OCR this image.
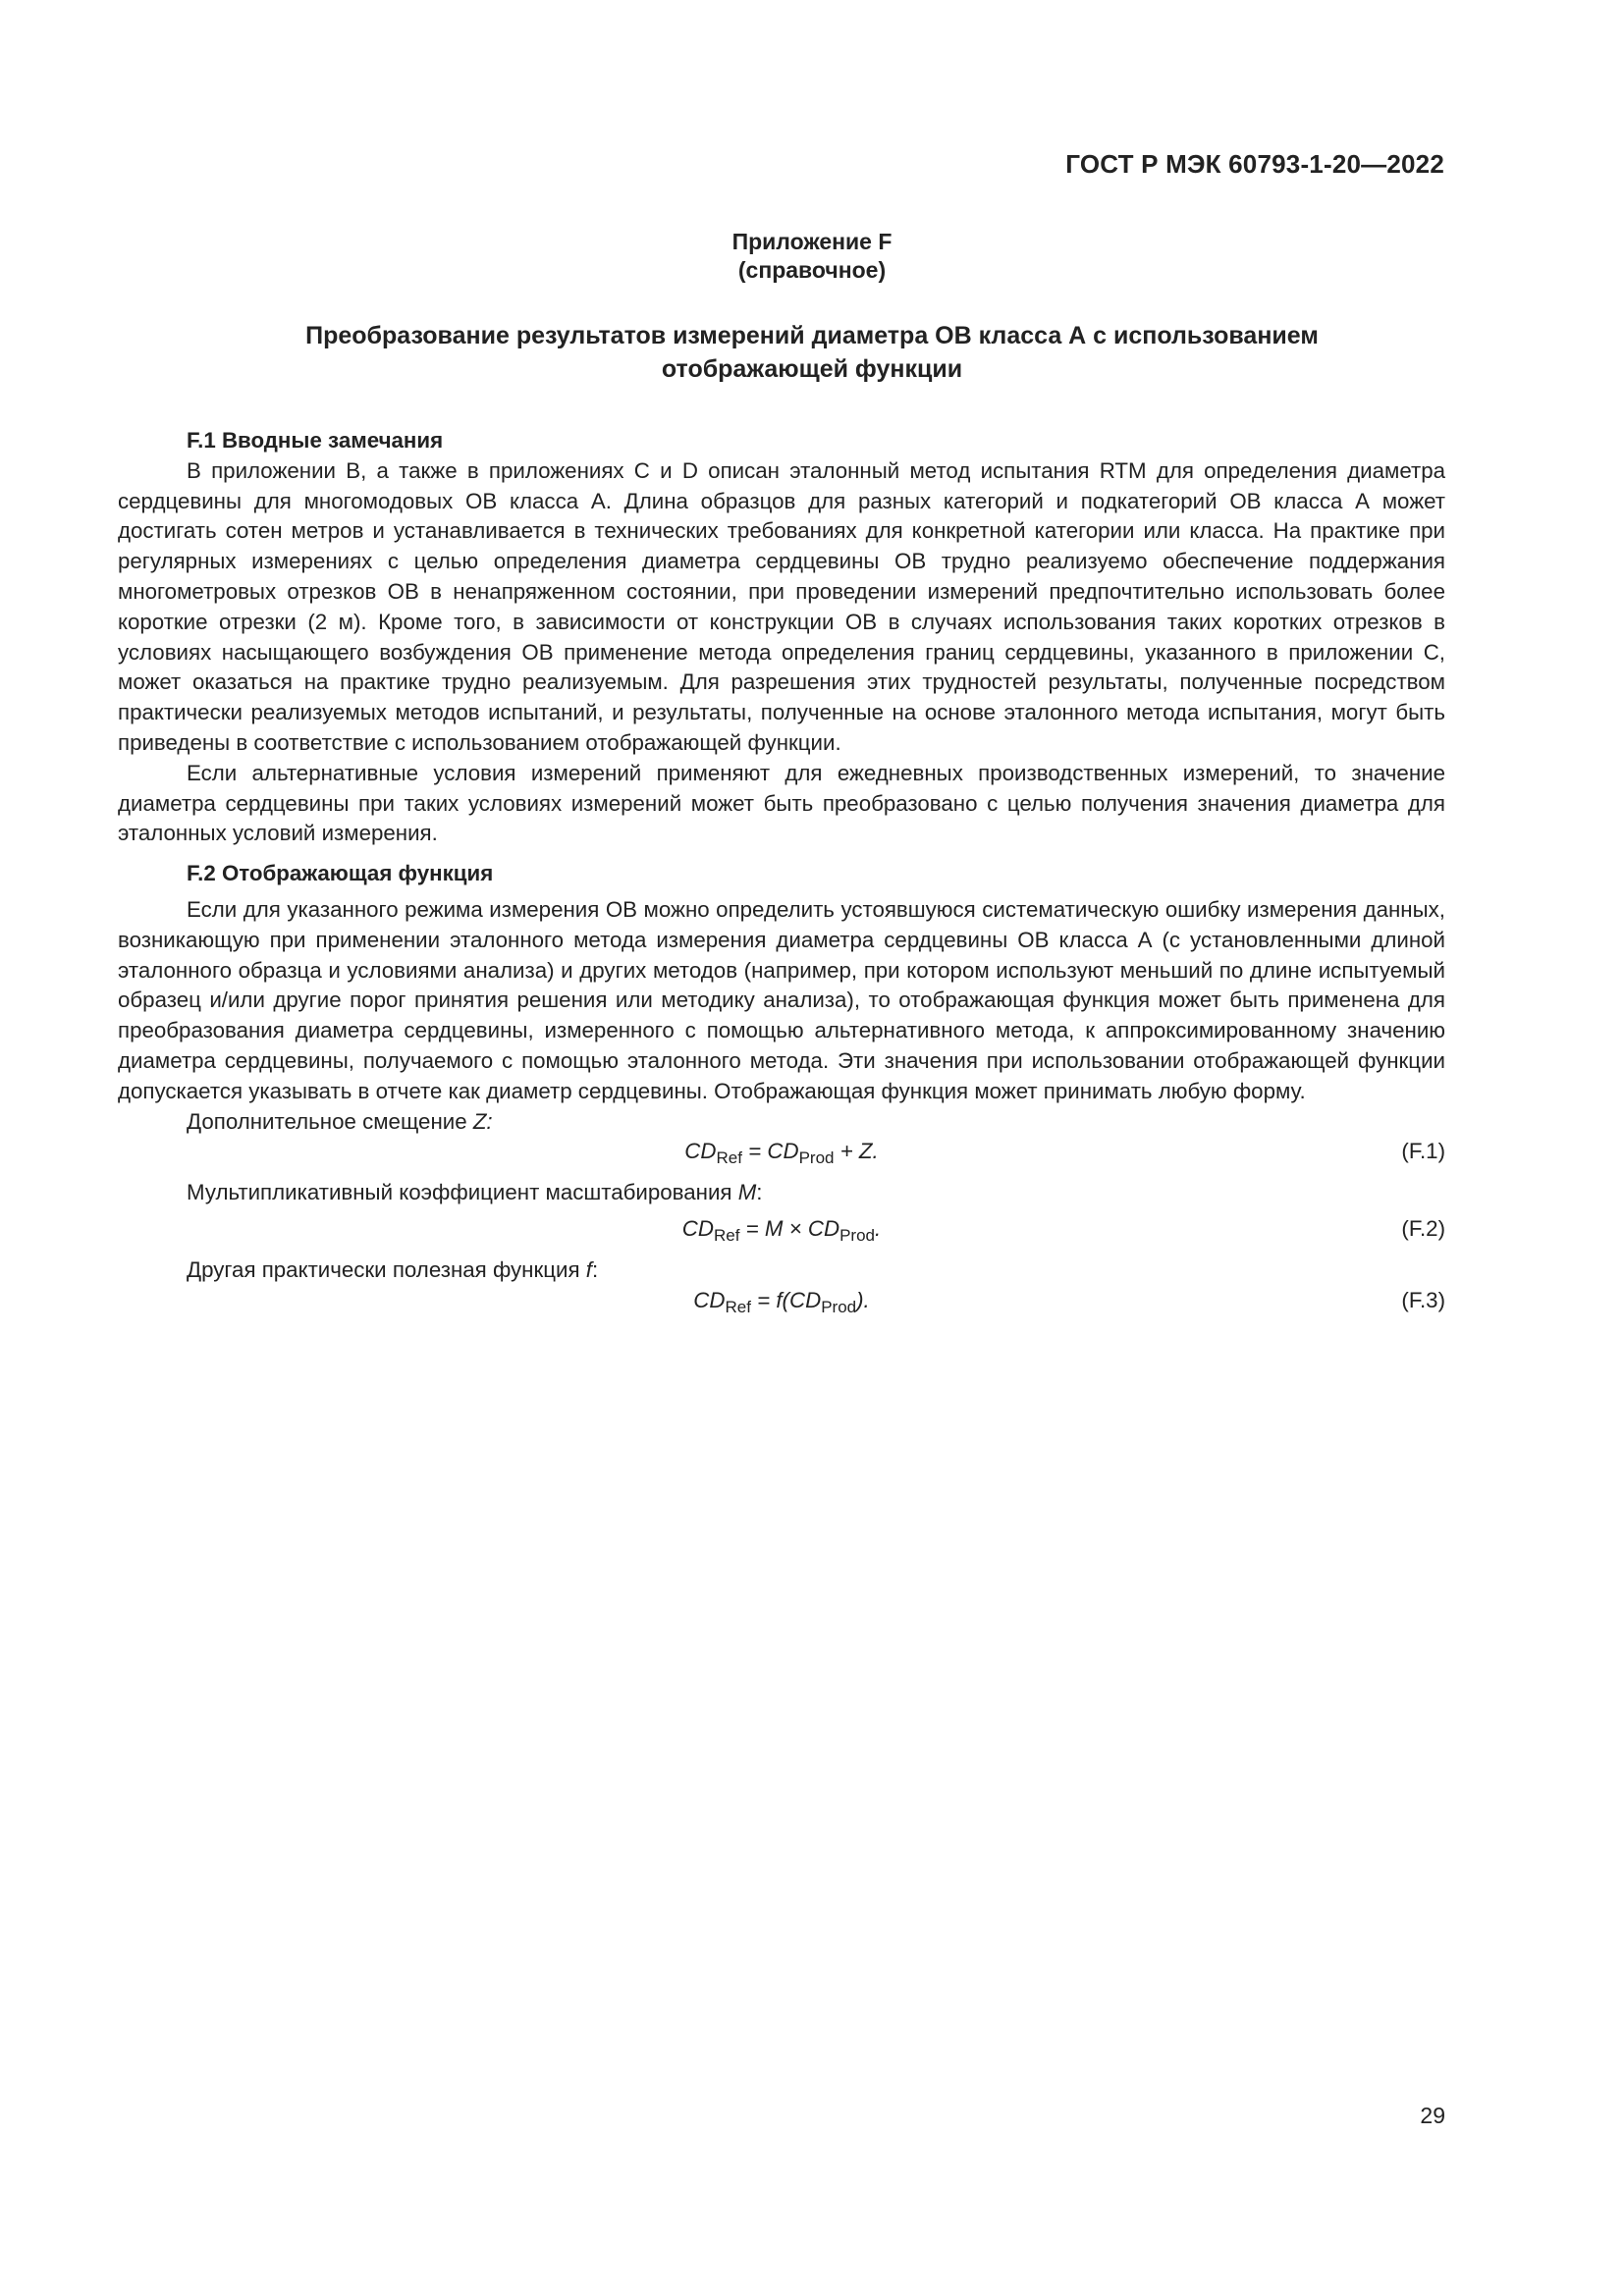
ГОСТ Р МЭК 60793-1-20—2022
Приложение F
(справочное)
Преобразование результатов измерений диаметра ОВ класса А с использованием
отображающей функции

F.1 Вводные замечания

В приложении В, а также в приложениях С и D описан эталонный метод испытания RTM для определения диаметра сердцевины для многомодовых ОВ класса А. Длина образцов для разных категорий и подкатегорий ОВ класса А может достигать сотен метров и устанавливается в технических требованиях для конкретной категории или класса. На практике при регулярных измерениях с целью определения диаметра сердцевины ОВ трудно реализуемо обеспечение поддержания многометровых отрезков ОВ в ненапряженном состоянии, при проведении измерений предпочтительно использовать более короткие отрезки (2 м). Кроме того, в зависимости от конструкции ОВ в случаях использования таких коротких отрезков в условиях насыщающего возбуждения ОВ применение метода определения границ сердцевины, указанного в приложении С, может оказаться на практике трудно реализуемым. Для разрешения этих трудностей результаты, полученные посредством практически реализуемых методов испытаний, и результаты, полученные на основе эталонного метода испытания, могут быть приведены в соответствие с использованием отображающей функции.

Если альтернативные условия измерений применяют для ежедневных производственных измерений, то значение диаметра сердцевины при таких условиях измерений может быть преобразовано с целью получения значения диаметра для эталонных условий измерения.

F.2 Отображающая функция

Если для указанного режима измерения ОВ можно определить устоявшуюся систематическую ошибку измерения данных, возникающую при применении эталонного метода измерения диаметра сердцевины ОВ класса А (с установленными длиной эталонного образца и условиями анализа) и других методов (например, при котором используют меньший по длине испытуемый образец и/или другие порог принятия решения или методику анализа), то отображающая функция может быть применена для преобразования диаметра сердцевины, измеренного с помощью альтернативного метода, к аппроксимированному значению диаметра сердцевины, получаемого с помощью эталонного метода. Эти значения при использовании отображающей функции допускается указывать в отчете как диаметр сердцевины. Отображающая функция может принимать любую форму.

Дополнительное смещение Z:

$CD_{Ref} = CD_{Prod} + Z$.	(F.1)

Мультипликативный коэффициент масштабирования M:

$CD_{Ref} = M \times CD_{Prod}$.	(F.2)

Другая практически полезная функция f:

$CD_{Ref} = f(CD_{Prod})$.	(F.3)
29
